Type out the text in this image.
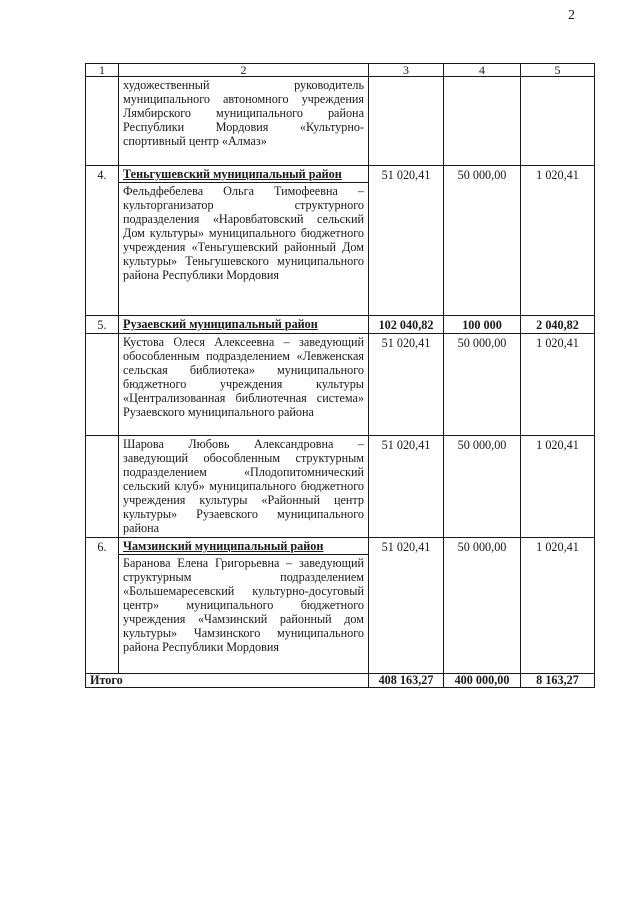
2
1	2	3	4	5
	художественный руководитель муниципального автономного учреждения Лямбирского муниципального района Республики Мордовия «Культурно-спортивный центр «Алмаз»			
4.	Теньгушевский муниципальный район
Фельдфебелева Ольга Тимофеевна – культорганизатор структурного подразделения «Наровбатовский сельский Дом культуры» муниципального бюджетного учреждения «Теньгушевский районный Дом культуры» Теньгушевского муниципального района Республики Мордовия	51 020,41	50 000,00	1 020,41
5.	Рузаевский муниципальный район	102 040,82	100 000	2 040,82
	Кустова Олеся Алексеевна – заведующий обособленным подразделением «Левженская сельская библиотека» муниципального бюджетного учреждения культуры «Централизованная библиотечная система» Рузаевского муниципального района	51 020,41	50 000,00	1 020,41
	Шарова Любовь Александровна – заведующий обособленным структурным подразделением «Плодопитомнический сельский клуб» муниципального бюджетного учреждения культуры «Районный центр культуры» Рузаевского муниципального района	51 020,41	50 000,00	1 020,41
6.	Чамзинский муниципальный район
Баранова Елена Григорьевна – заведующий структурным подразделением «Большемаресевский культурно-досуговый центр» муниципального бюджетного учреждения «Чамзинский районный дом культуры» Чамзинского муниципального района Республики Мордовия	51 020,41	50 000,00	1 020,41
Итого		408 163,27	400 000,00	8 163,27
